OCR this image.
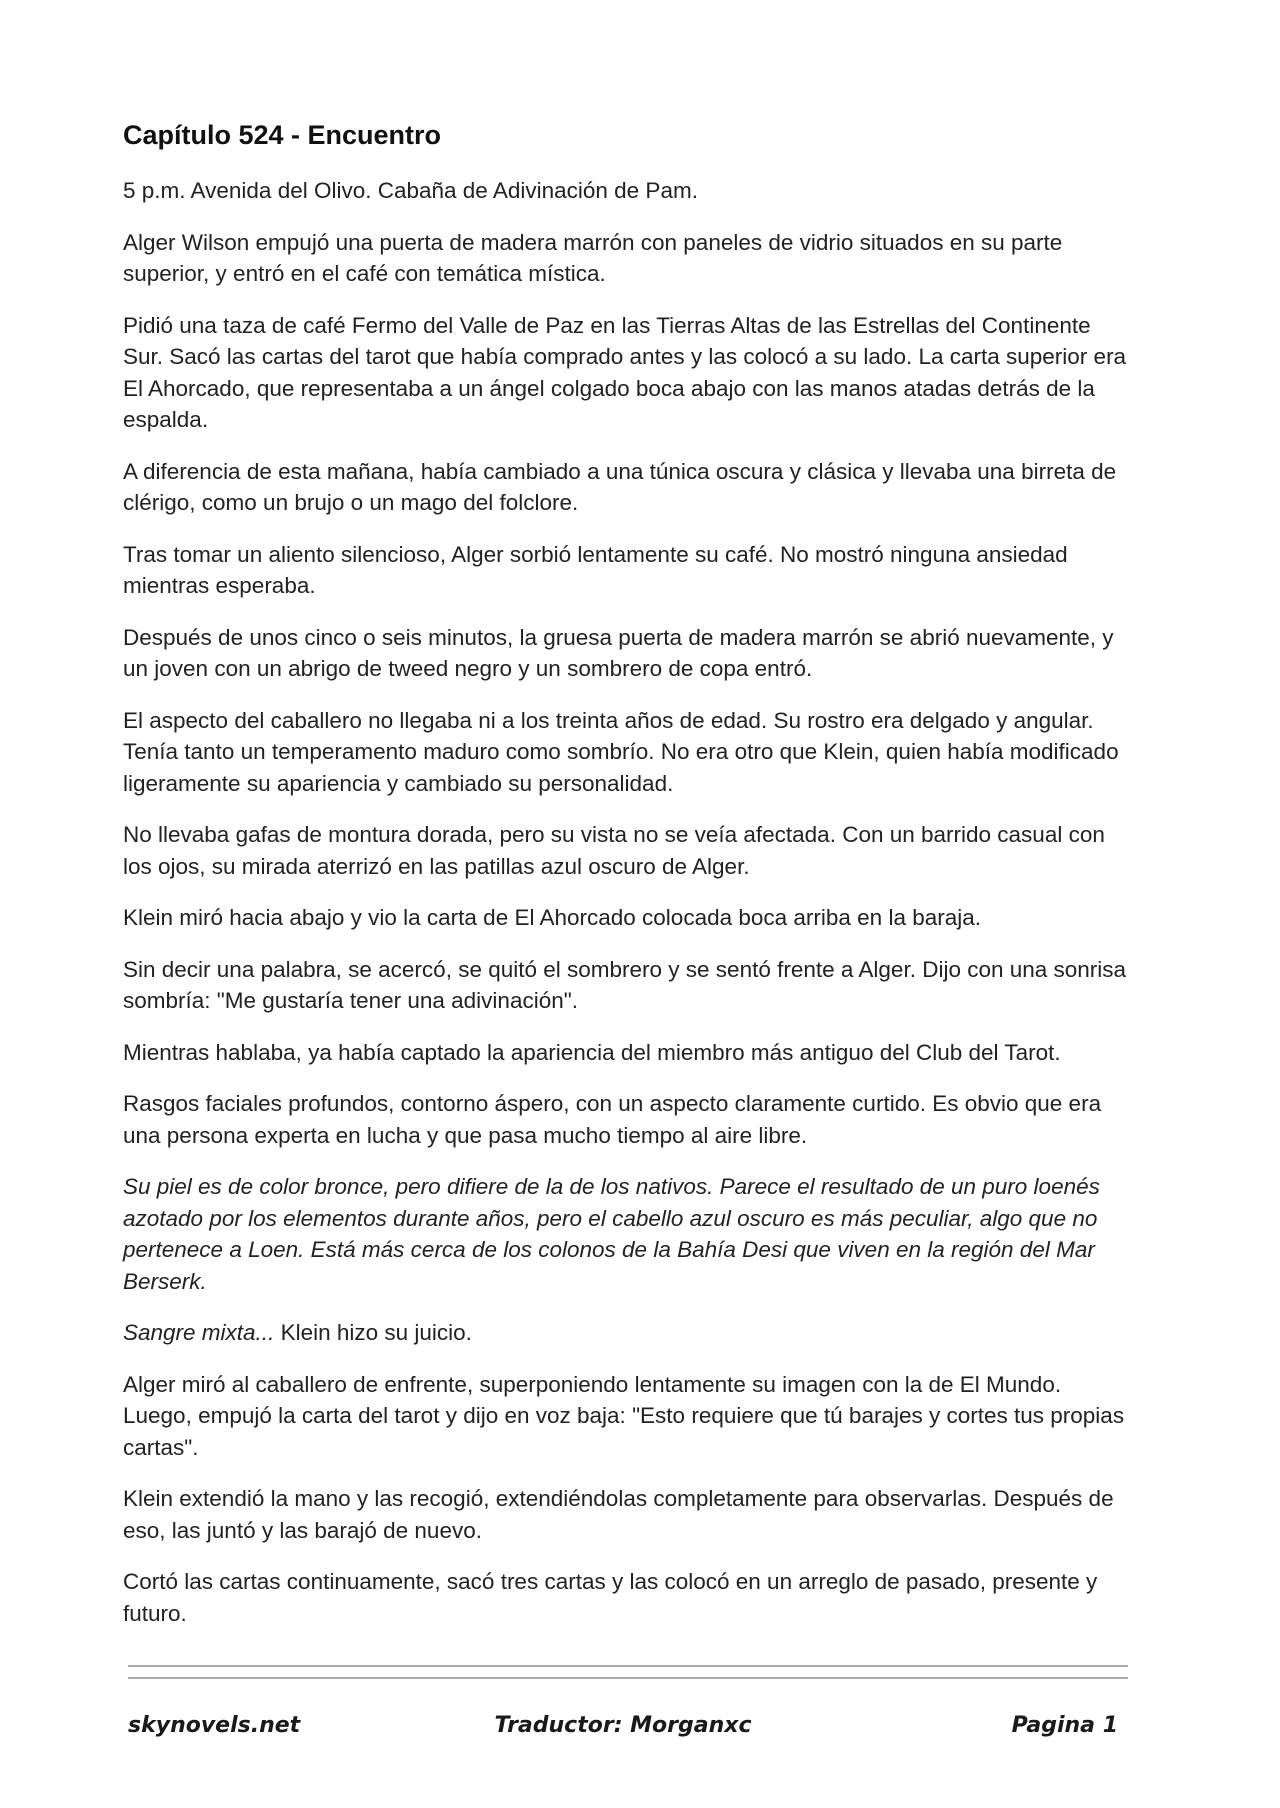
Capítulo 524 - Encuentro

5 p.m. Avenida del Olivo. Cabaña de Adivinación de Pam.

Alger Wilson empujó una puerta de madera marrón con paneles de vidrio situados en su parte superior, y entró en el café con temática mística.

Pidió una taza de café Fermo del Valle de Paz en las Tierras Altas de las Estrellas del Continente Sur. Sacó las cartas del tarot que había comprado antes y las colocó a su lado. La carta superior era El Ahorcado, que representaba a un ángel colgado boca abajo con las manos atadas detrás de la espalda.

A diferencia de esta mañana, había cambiado a una túnica oscura y clásica y llevaba una birreta de clérigo, como un brujo o un mago del folclore.

Tras tomar un aliento silencioso, Alger sorbió lentamente su café. No mostró ninguna ansiedad mientras esperaba.

Después de unos cinco o seis minutos, la gruesa puerta de madera marrón se abrió nuevamente, y un joven con un abrigo de tweed negro y un sombrero de copa entró.

El aspecto del caballero no llegaba ni a los treinta años de edad. Su rostro era delgado y angular. Tenía tanto un temperamento maduro como sombrío. No era otro que Klein, quien había modificado ligeramente su apariencia y cambiado su personalidad.

No llevaba gafas de montura dorada, pero su vista no se veía afectada. Con un barrido casual con los ojos, su mirada aterrizó en las patillas azul oscuro de Alger.

Klein miró hacia abajo y vio la carta de El Ahorcado colocada boca arriba en la baraja.

Sin decir una palabra, se acercó, se quitó el sombrero y se sentó frente a Alger. Dijo con una sonrisa sombría: "Me gustaría tener una adivinación".

Mientras hablaba, ya había captado la apariencia del miembro más antiguo del Club del Tarot.

Rasgos faciales profundos, contorno áspero, con un aspecto claramente curtido. Es obvio que era una persona experta en lucha y que pasa mucho tiempo al aire libre.

Su piel es de color bronce, pero difiere de la de los nativos. Parece el resultado de un puro loenés azotado por los elementos durante años, pero el cabello azul oscuro es más peculiar, algo que no pertenece a Loen. Está más cerca de los colonos de la Bahía Desi que viven en la región del Mar Berserk.

Sangre mixta... Klein hizo su juicio.

Alger miró al caballero de enfrente, superponiendo lentamente su imagen con la de El Mundo. Luego, empujó la carta del tarot y dijo en voz baja: "Esto requiere que tú barajes y cortes tus propias cartas".

Klein extendió la mano y las recogió, extendiéndolas completamente para observarlas. Después de eso, las juntó y las barajó de nuevo.

Cortó las cartas continuamente, sacó tres cartas y las colocó en un arreglo de pasado, presente y futuro.

skynovels.net	Traductor: Morganxc	Pagina 1
